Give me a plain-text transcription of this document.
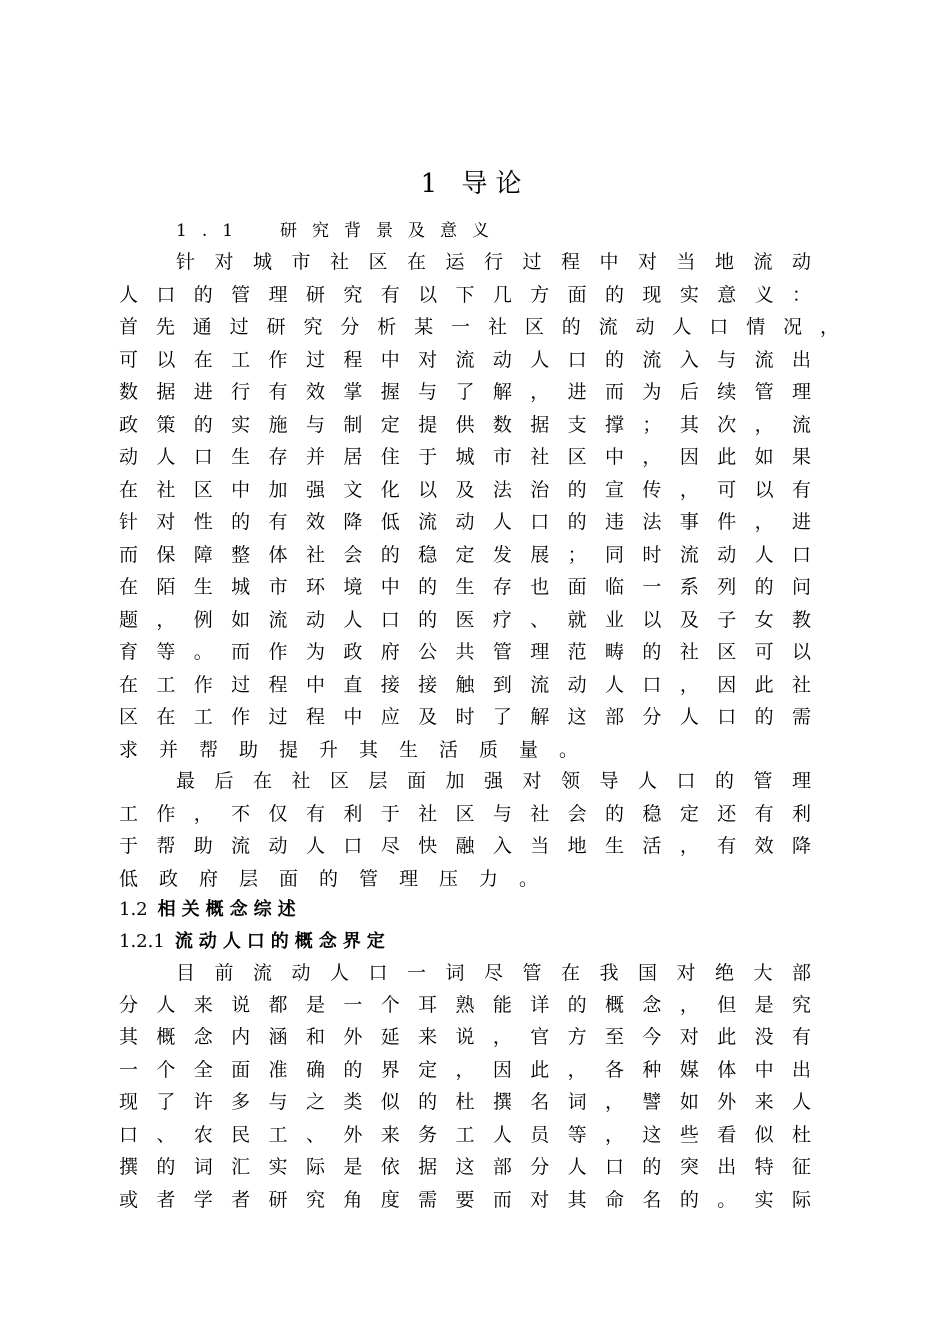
1 导论
1.1　研究背景及意义
针对城市社区在运行过程中对当地流动
人口的管理研究有以下几方面的现实意义：
首先通过研究分析某一社区的流动人口情况，
可以在工作过程中对流动人口的流入与流出
数据进行有效掌握与了解，进而为后续管理
政策的实施与制定提供数据支撑；其次，流
动人口生存并居住于城市社区中，因此如果
在社区中加强文化以及法治的宣传，可以有
针对性的有效降低流动人口的违法事件，进
而保障整体社会的稳定发展；同时流动人口
在陌生城市环境中的生存也面临一系列的问
题，例如流动人口的医疗、就业以及子女教
育等。而作为政府公共管理范畴的社区可以
在工作过程中直接接触到流动人口，因此社
区在工作过程中应及时了解这部分人口的需
求并帮助提升其生活质量。
最后在社区层面加强对领导人口的管理
工作，不仅有利于社区与社会的稳定还有利
于帮助流动人口尽快融入当地生活，有效降
低政府层面的管理压力。
1.2 相关概念综述
1.2.1 流动人口的概念界定
目前流动人口一词尽管在我国对绝大部
分人来说都是一个耳熟能详的概念，但是究
其概念内涵和外延来说，官方至今对此没有
一个全面准确的界定，因此，各种媒体中出
现了许多与之类似的杜撰名词，譬如外来人
口、农民工、外来务工人员等，这些看似杜
撰的词汇实际是依据这部分人口的突出特征
或者学者研究角度需要而对其命名的。实际
